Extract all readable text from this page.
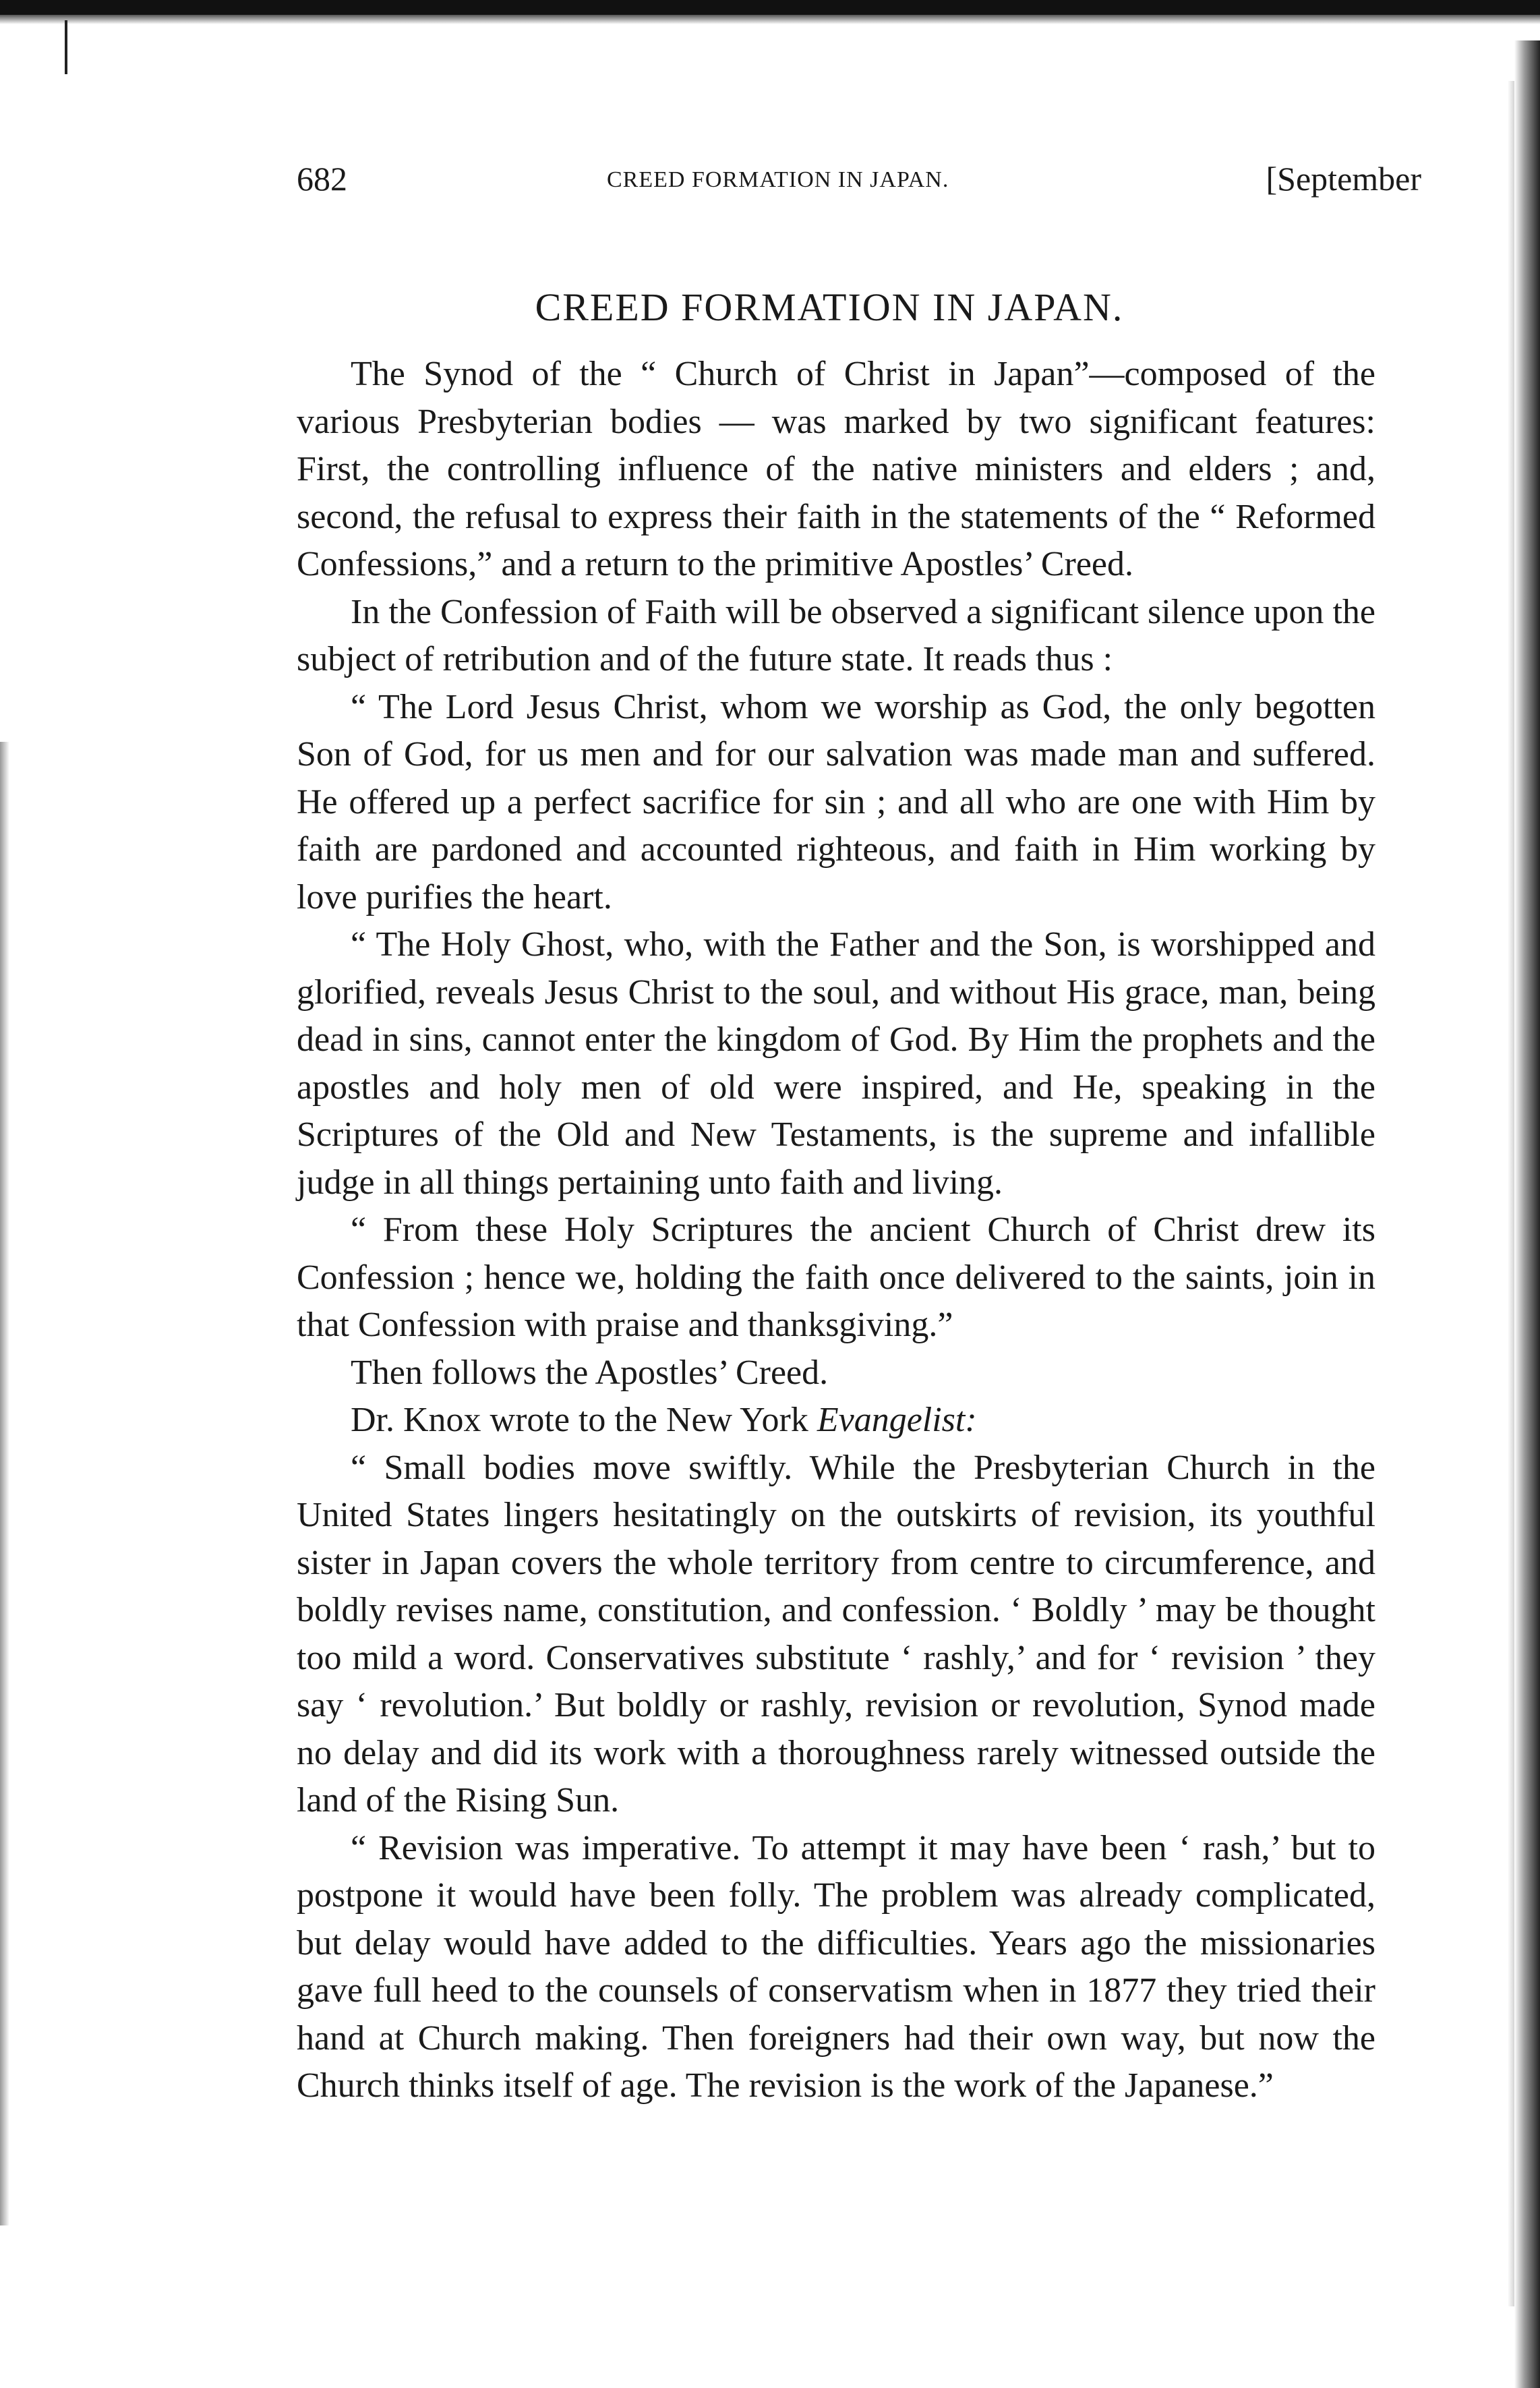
682	CREED FORMATION IN JAPAN.	[September
CREED FORMATION IN JAPAN.

The Synod of the “ Church of Christ in Japan”—composed of the various Presbyterian bodies — was marked by two significant features: First, the controlling influence of the native ministers and elders ; and, second, the refusal to express their faith in the statements of the “ Reformed Confessions,” and a return to the primitive Apostles’ Creed.

In the Confession of Faith will be observed a significant silence upon the subject of retribution and of the future state. It reads thus :

“ The Lord Jesus Christ, whom we worship as God, the only begotten Son of God, for us men and for our salvation was made man and suffered. He offered up a perfect sacrifice for sin ; and all who are one with Him by faith are pardoned and accounted righteous, and faith in Him working by love purifies the heart.

“ The Holy Ghost, who, with the Father and the Son, is worshipped and glorified, reveals Jesus Christ to the soul, and without His grace, man, being dead in sins, cannot enter the kingdom of God. By Him the prophets and the apostles and holy men of old were inspired, and He, speaking in the Scriptures of the Old and New Testaments, is the supreme and infallible judge in all things pertaining unto faith and living.

“ From these Holy Scriptures the ancient Church of Christ drew its Confession ; hence we, holding the faith once delivered to the saints, join in that Confession with praise and thanksgiving.”

Then follows the Apostles’ Creed.

Dr. Knox wrote to the New York Evangelist:

“ Small bodies move swiftly. While the Presbyterian Church in the United States lingers hesitatingly on the outskirts of revision, its youthful sister in Japan covers the whole territory from centre to circumference, and boldly revises name, constitution, and confession. ‘ Boldly ’ may be thought too mild a word. Conservatives substitute ‘ rashly,’ and for ‘ revision ’ they say ‘ revolution.’ But boldly or rashly, revision or revolution, Synod made no delay and did its work with a thoroughness rarely witnessed outside the land of the Rising Sun.

“ Revision was imperative. To attempt it may have been ‘ rash,’ but to postpone it would have been folly. The problem was already complicated, but delay would have added to the difficulties. Years ago the missionaries gave full heed to the counsels of conservatism when in 1877 they tried their hand at Church making. Then foreigners had their own way, but now the Church thinks itself of age. The revision is the work of the Japanese.”
